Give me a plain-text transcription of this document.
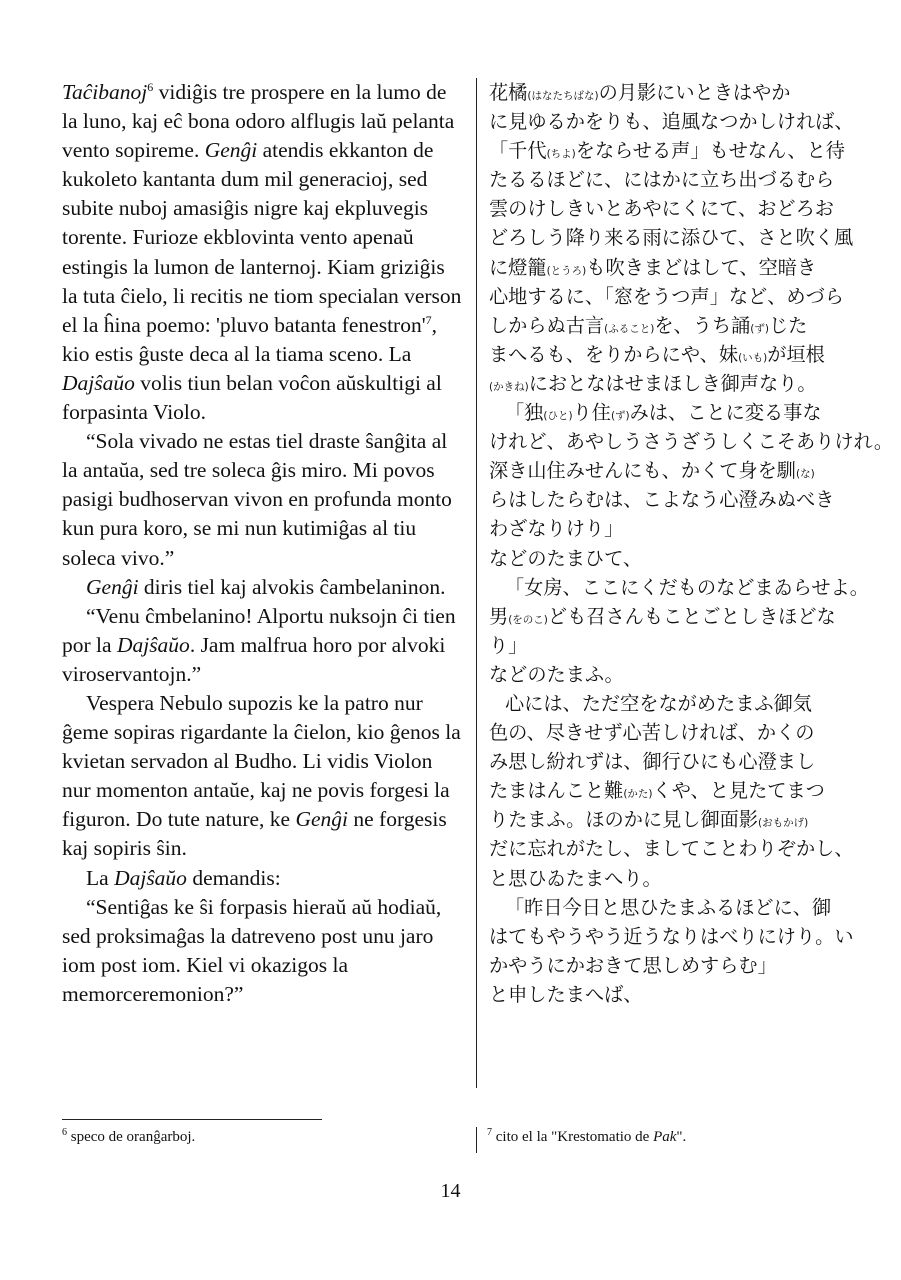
Taĉibanoj$^6$ vidiĝis tre prospere en la lumo de la luno, kaj eĉ bona odoro alflugis laŭ pelanta vento sopireme. Genĝi atendis ekkanton de kukoleto kantanta dum mil generacioj, sed subite nuboj amasiĝis nigre kaj ekpluvegis torente. Furioze ekblovinta vento apenaŭ estingis la lumon de lanternoj. Kiam griziĝis la tuta ĉielo, li recitis ne tiom specialan verson el la ĥina poemo: 'pluvo batanta $fenestron'^7$, kio estis ĝuste deca al la tiama sceno. La Dajŝaŭo volis tiun belan voĉon aŭskultigi al forpasinta Violo.

“Sola vivado ne estas tiel draste ŝanĝita al la antaŭa, sed tre soleca ĝis miro. Mi povos pasigi budhoservan vivon en profunda monto kun pura koro, se mi nun kutimiĝas al tiu soleca vivo.”

Genĝi diris tiel kaj alvokis ĉambelaninon.

“Venu ĉmbelanino! Alportu nuksojn ĉi tien por la Dajŝaŭo. Jam malfrua horo por alvoki viroservantojn.”

Vespera Nebulo supozis ke la patro nur ĝeme sopiras rigardante la ĉielon, kio ĝenos la kvietan servadon al Budho. Li vidis Violon nur momenton antaŭe, kaj ne povis forgesi la figuron. Do tute nature, ke Genĝi ne forgesis kaj sopiris ŝin.

La Dajŝaŭo demandis:

“Sentiĝas ke ŝi forpasis hieraŭ aŭ hodiaŭ, sed proksimaĝas la datreveno post unu jaro iom post iom. Kiel vi okazigos la memorceremonion?”

花橘(はなたちばな)の月影にいときはやか
に見ゆるかをりも、追風なつかしければ、
「千代(ちよ)をならせる声」もせなん、と待
たるるほどに、にはかに立ち出づるむら
雲のけしきいとあやにくにて、おどろお
どろしう降り来る雨に添ひて、さと吹く風
に燈籠(とうろ)も吹きまどはして、空暗き
心地するに、「窓をうつ声」など、めづら
しからぬ古言(ふること)を、うち誦(ず)じた
まへるも、をりからにや、妹(いも)が垣根
(かきね)におとなはせまほしき御声なり。
「独(ひと)り住(ず)みは、ことに変る事な
けれど、あやしうさうざうしくこそありけれ。
深き山住みせんにも、かくて身を馴(な)
らはしたらむは、こよなう心澄みぬべき
わざなりけり」
などのたまひて、
「女房、ここにくだものなどまゐらせよ。
男(をのこ)ども召さんもことごとしきほどな
り」
などのたまふ。
心には、ただ空をながめたまふ御気
色の、尽きせず心苦しければ、かくの
み思し紛れずは、御行ひにも心澄まし
たまはんこと難(かた)くや、と見たてまつ
りたまふ。ほのかに見し御面影(おもかげ)
だに忘れがたし、ましてことわりぞかし、
と思ひゐたまへり。
「昨日今日と思ひたまふるほどに、御
はてもやうやう近うなりはべりにけり。い
かやうにかおきて思しめすらむ」
と申したまへば、
$^6$ speco de oranĝarboj.	$^7$ cito el la "Krestomatio de Pak".
14
